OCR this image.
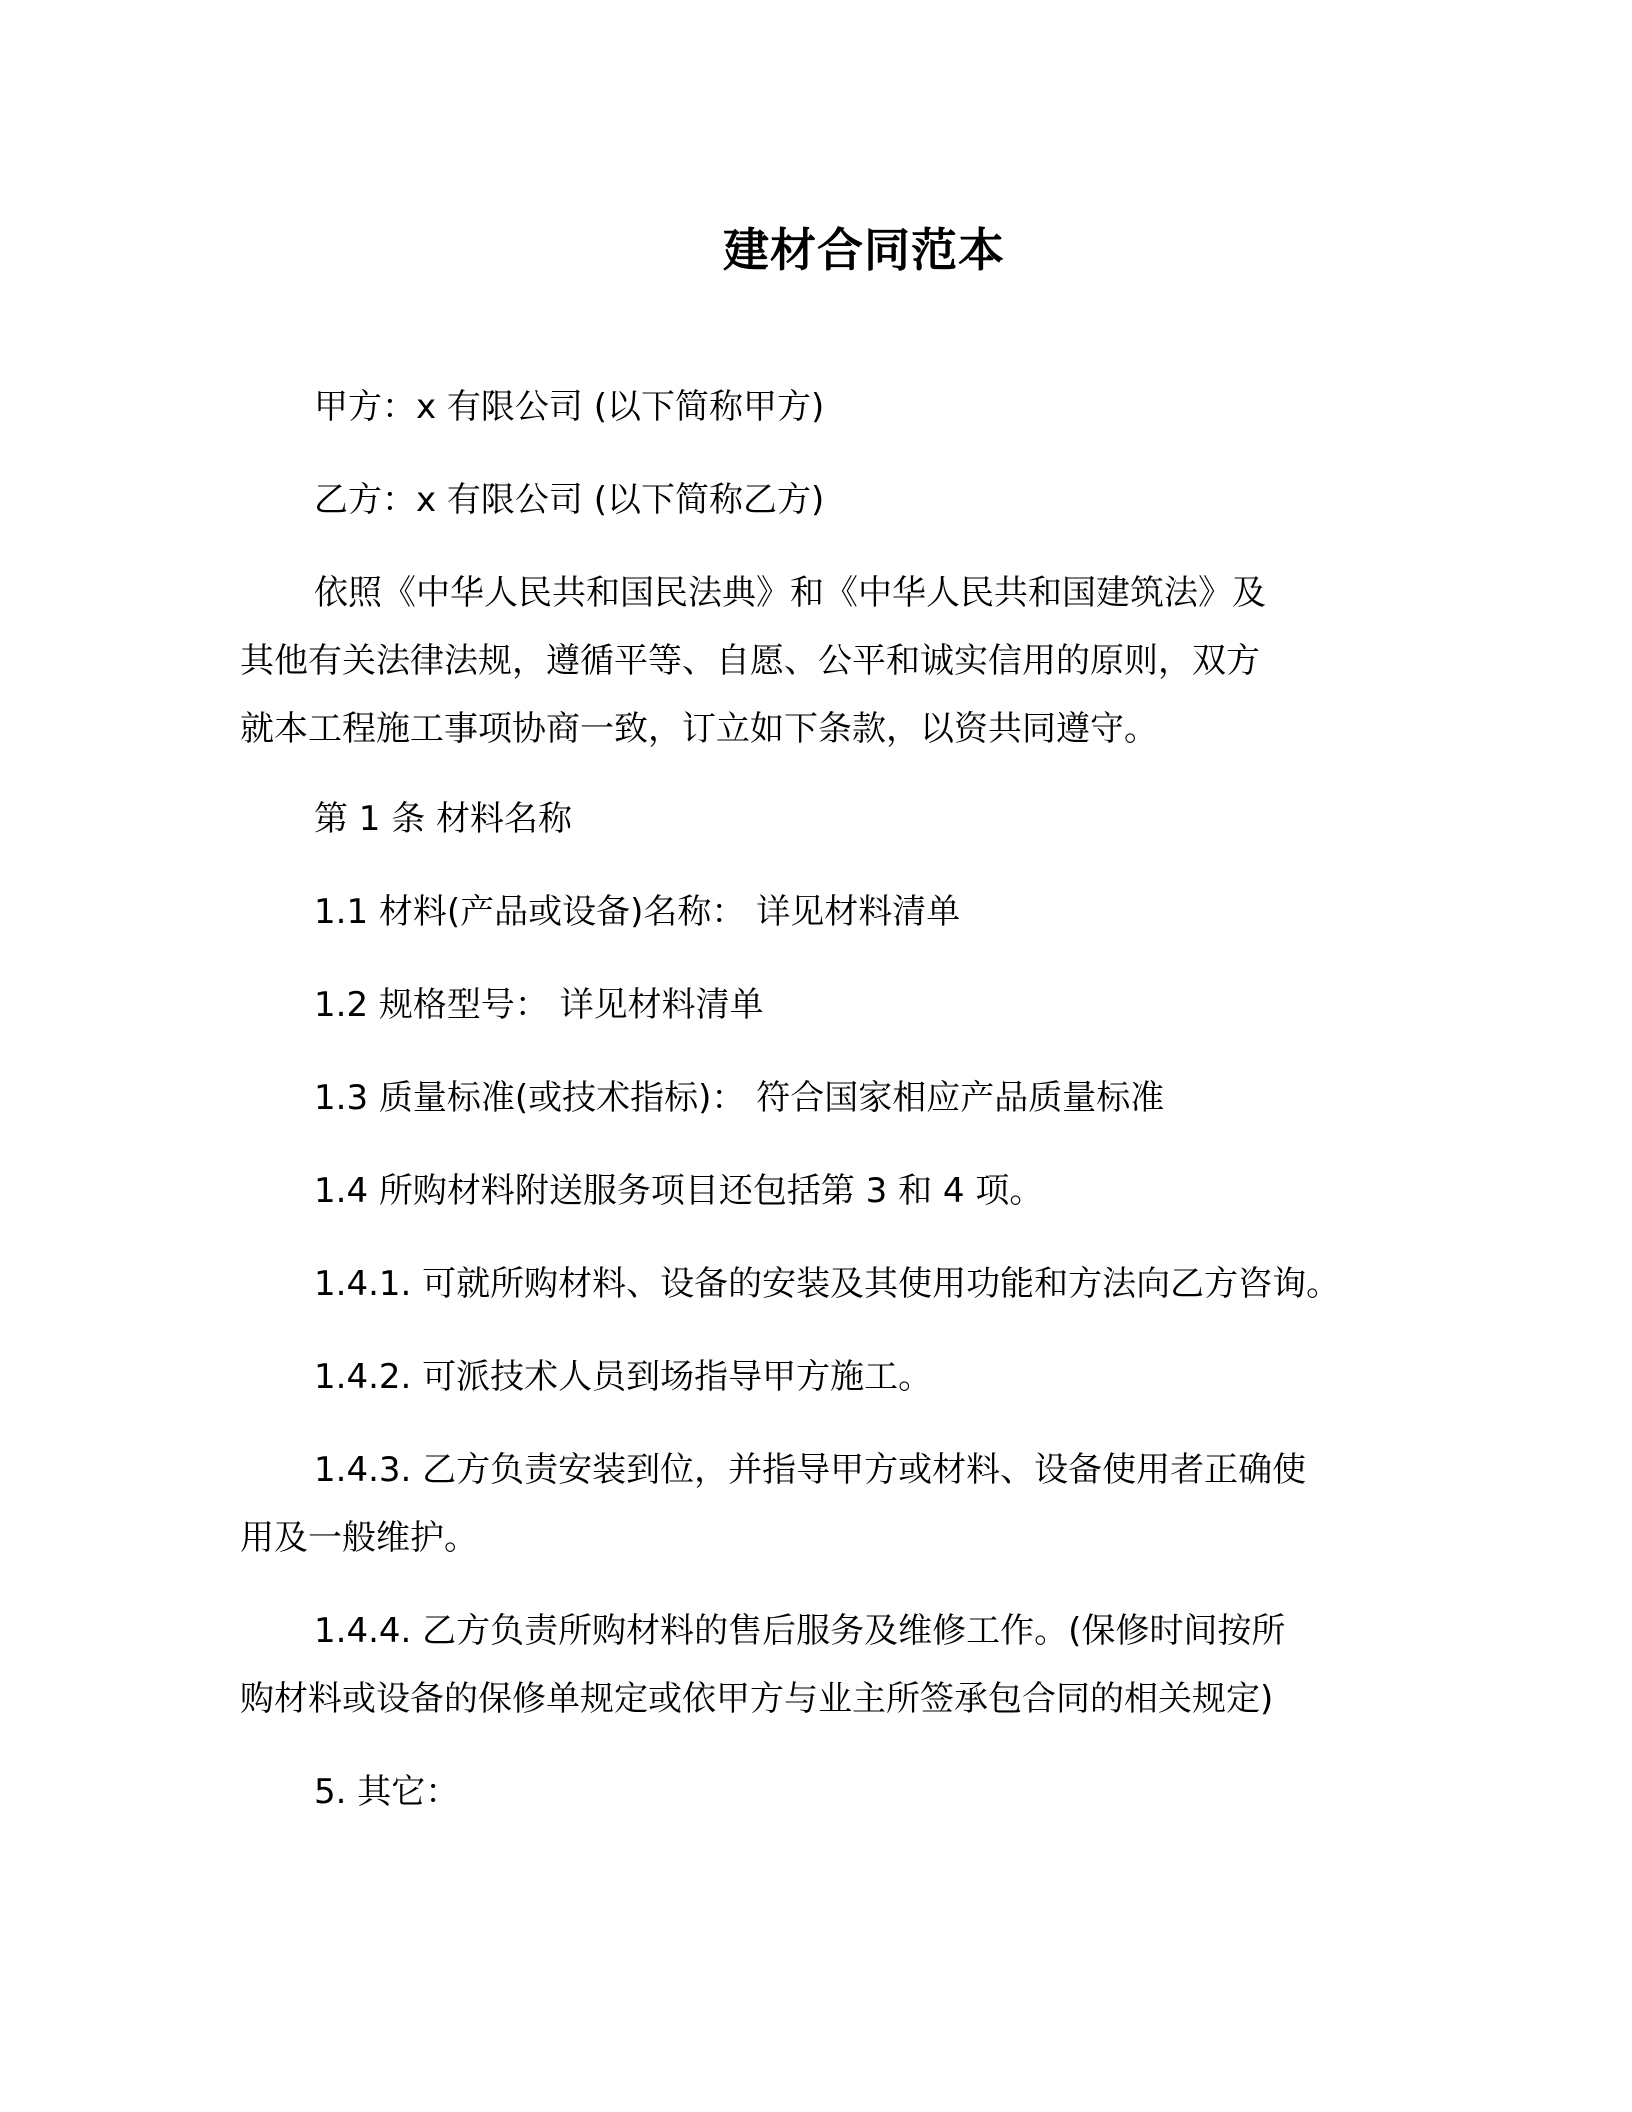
建材合同范本
甲方：x 有限公司 (以下简称甲方)
乙方：x 有限公司 (以下简称乙方)
依照《中华人民共和国民法典》和《中华人民共和国建筑法》及
其他有关法律法规，遵循平等、自愿、公平和诚实信用的原则，双方
就本工程施工事项协商一致，订立如下条款，以资共同遵守。
第 1 条 材料名称
1.1 材料(产品或设备)名称： 详见材料清单
1.2 规格型号： 详见材料清单
1.3 质量标准(或技术指标)： 符合国家相应产品质量标准
1.4 所购材料附送服务项目还包括第 3 和 4 项。
1.4.1. 可就所购材料、设备的安装及其使用功能和方法向乙方咨询。
1.4.2. 可派技术人员到场指导甲方施工。
1.4.3. 乙方负责安装到位，并指导甲方或材料、设备使用者正确使
用及一般维护。
1.4.4. 乙方负责所购材料的售后服务及维修工作。(保修时间按所
购材料或设备的保修单规定或依甲方与业主所签承包合同的相关规定)
5. 其它：
